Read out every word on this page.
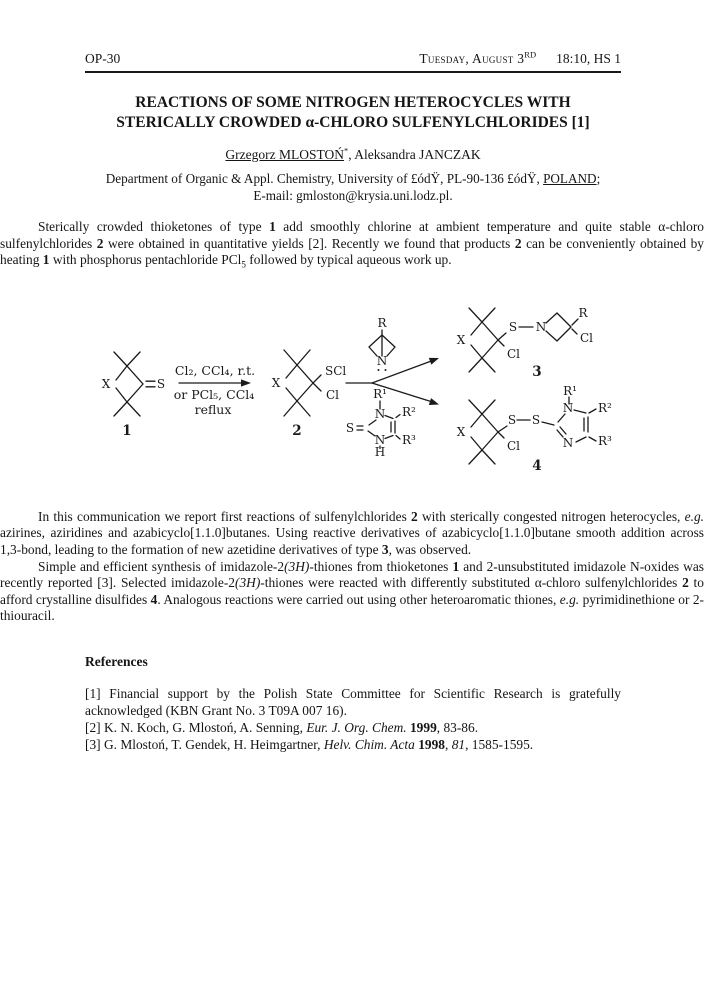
OP-30	Tuesday, August 3RD 18:10, HS 1
REACTIONS OF SOME NITROGEN HETEROCYCLES WITH
STERICALLY CROWDED α-CHLORO SULFENYLCHLORIDES [1]
Grzegorz MLOSTOŃ*, Aleksandra JANCZAK
Department of Organic & Appl. Chemistry, University of £ódŸ, PL-90-136 £ódŸ, POLAND;
E-mail: gmloston@krysia.uni.lodz.pl.

Sterically crowded thioketones of type 1 add smoothly chlorine at ambient temperature and quite stable α-chloro sulfenylchlorides 2 were obtained in quantitative yields [2]. Recently we found that products 2 can be conveniently obtained by heating 1 with phosphorus pentachloride PCl$_5$ followed by typical aqueous work up.

X	S
1
Cl₂, CCl₄, r.t.
or PCl₅, CCl₄
reflux
X
SCl
Cl
2
R
N
R¹
N
S
N
H
R²
R³
X
S N
R
Cl
Cl
3
X
S S
N
R¹
R²
R³
N
Cl
4

In this communication we report first reactions of sulfenylchlorides 2 with sterically congested nitrogen heterocycles, e.g. azirines, aziridines and azabicyclo[1.1.0]butanes. Using reactive derivatives of azabicyclo[1.1.0]butane smooth addition across 1,3-bond, leading to the formation of new azetidine derivatives of type 3, was observed.

Simple and efficient synthesis of imidazole-2(3H)-thiones from thioketones 1 and 2-unsubstituted imidazole N-oxides was recently reported [3]. Selected imidazole-2(3H)-thiones were reacted with differently substituted α-chloro sulfenylchlorides 2 to afford crystalline disulfides 4. Analogous reactions were carried out using other heteroaromatic thiones, e.g. pyrimidinethione or 2-thiouracil.

References

[1] Financial support by the Polish State Committee for Scientific Research is gratefully acknowledged (KBN Grant No. 3 T09A 007 16).

[2] K. N. Koch, G. Mlostoń, A. Senning, Eur. J. Org. Chem. 1999, 83-86.

[3] G. Mlostoń, T. Gendek, H. Heimgartner, Helv. Chim. Acta 1998, 81, 1585-1595.
